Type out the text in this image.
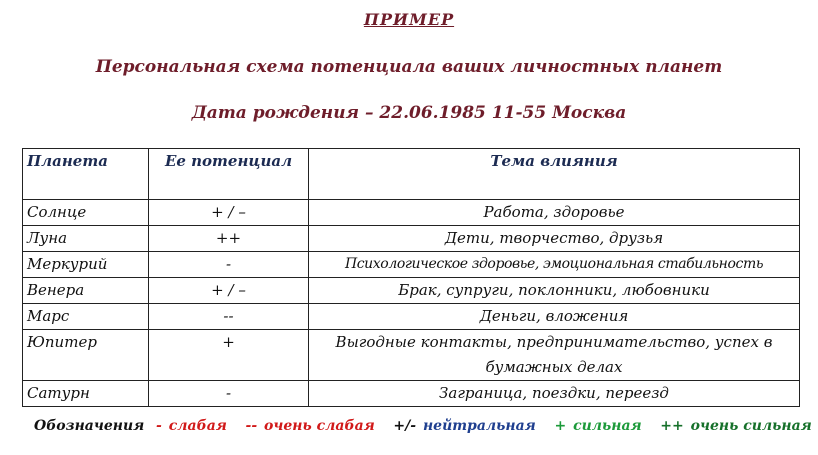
ПРИМЕР
Персональная схема потенциала ваших личностных планет
Дата рождения – 22.06.1985 11-55 Москва
Планета	Ее потенциал	Тема влияния
Солнце	+ / –	Работа, здоровье
Луна	++	Дети, творчество, друзья
Меркурий	-	Психологическое здоровье, эмоциональная стабильность
Венера	+ / –	Брак, супруги, поклонники, любовники
Марс	--	Деньги, вложения
Юпитер	+	Выгодные контакты, предпринимательство, успех в бумажных делах
Сатурн	-	Заграница, поездки, переезд
Обозначения  - слабая   -- очень слабая   +/- нейтральная   + сильная   ++ очень сильная
